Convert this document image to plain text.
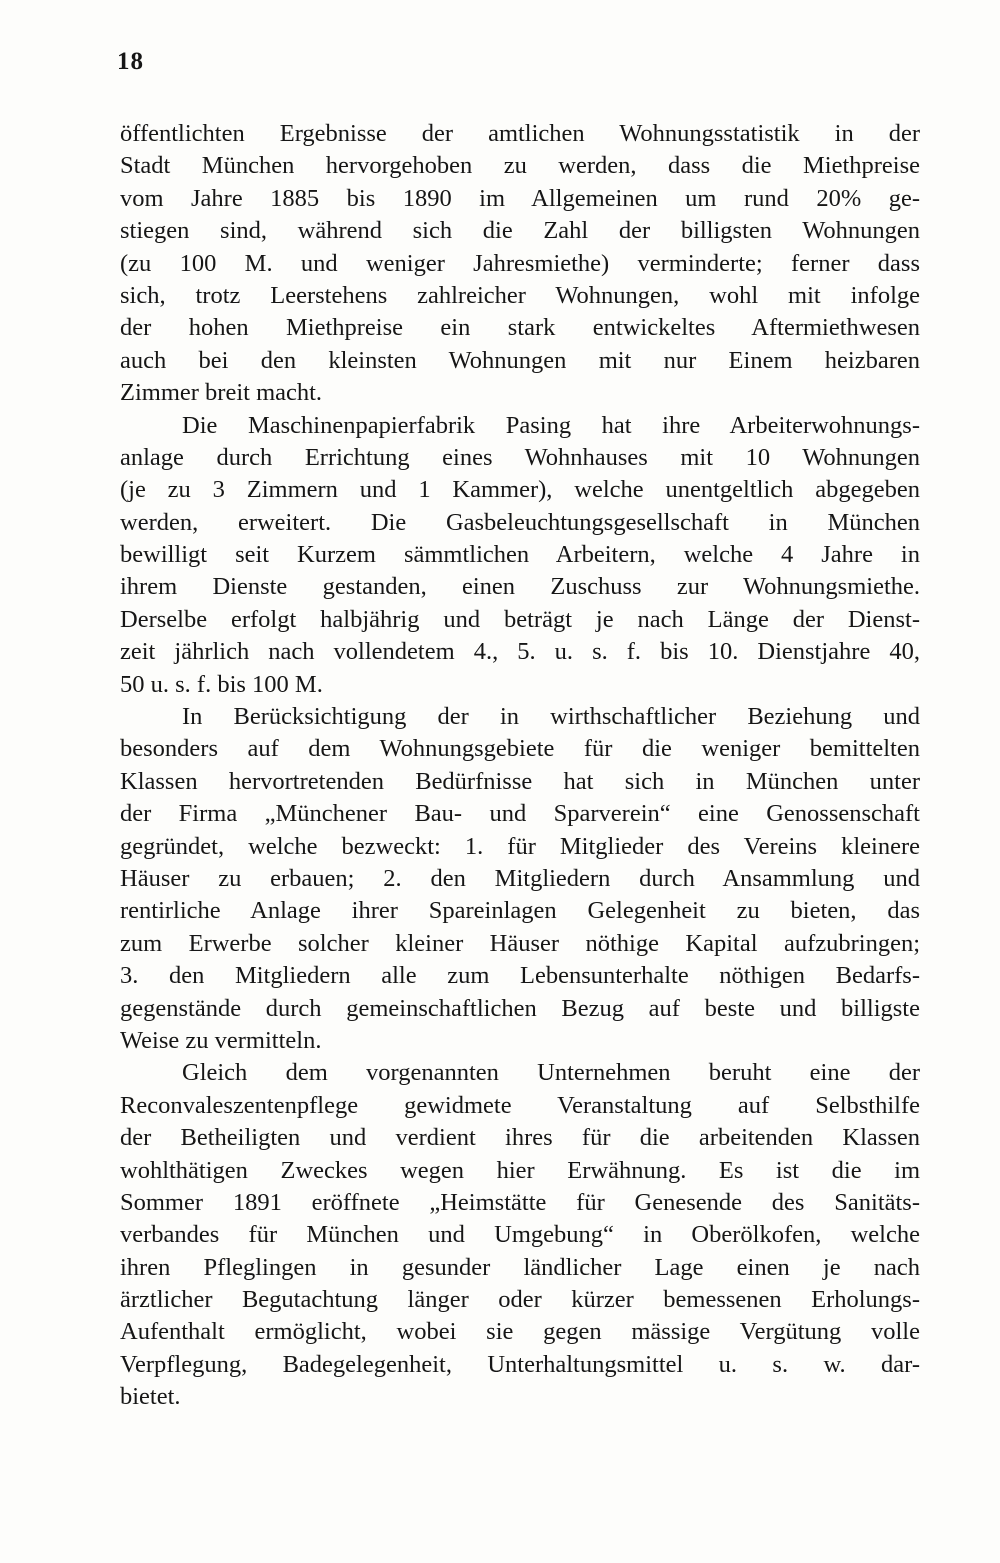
18
öffentlichten Ergebnisse der amtlichen Wohnungsstatistik in der
Stadt München hervorgehoben zu werden, dass die Miethpreise
vom Jahre 1885 bis 1890 im Allgemeinen um rund 20% ge-
stiegen sind, während sich die Zahl der billigsten Wohnungen
(zu 100 M. und weniger Jahresmiethe) verminderte; ferner dass
sich, trotz Leerstehens zahlreicher Wohnungen, wohl mit infolge
der hohen Miethpreise ein stark entwickeltes Aftermiethwesen
auch bei den kleinsten Wohnungen mit nur Einem heizbaren
Zimmer breit macht.
Die Maschinenpapierfabrik Pasing hat ihre Arbeiterwohnungs-
anlage durch Errichtung eines Wohnhauses mit 10 Wohnungen
(je zu 3 Zimmern und 1 Kammer), welche unentgeltlich abgegeben
werden, erweitert. Die Gasbeleuchtungsgesellschaft in München
bewilligt seit Kurzem sämmtlichen Arbeitern, welche 4 Jahre in
ihrem Dienste gestanden, einen Zuschuss zur Wohnungsmiethe.
Derselbe erfolgt halbjährig und beträgt je nach Länge der Dienst-
zeit jährlich nach vollendetem 4., 5. u. s. f. bis 10. Dienstjahre 40,
50 u. s. f. bis 100 M.
In Berücksichtigung der in wirthschaftlicher Beziehung und
besonders auf dem Wohnungsgebiete für die weniger bemittelten
Klassen hervortretenden Bedürfnisse hat sich in München unter
der Firma „Münchener Bau- und Sparverein“ eine Genossenschaft
gegründet, welche bezweckt: 1. für Mitglieder des Vereins kleinere
Häuser zu erbauen; 2. den Mitgliedern durch Ansammlung und
rentirliche Anlage ihrer Spareinlagen Gelegenheit zu bieten, das
zum Erwerbe solcher kleiner Häuser nöthige Kapital aufzubringen;
3. den Mitgliedern alle zum Lebensunterhalte nöthigen Bedarfs-
gegenstände durch gemeinschaftlichen Bezug auf beste und billigste
Weise zu vermitteln.
Gleich dem vorgenannten Unternehmen beruht eine der
Reconvaleszentenpflege gewidmete Veranstaltung auf Selbsthilfe
der Betheiligten und verdient ihres für die arbeitenden Klassen
wohlthätigen Zweckes wegen hier Erwähnung. Es ist die im
Sommer 1891 eröffnete „Heimstätte für Genesende des Sanitäts-
verbandes für München und Umgebung“ in Oberölkofen, welche
ihren Pfleglingen in gesunder ländlicher Lage einen je nach
ärztlicher Begutachtung länger oder kürzer bemessenen Erholungs-
Aufenthalt ermöglicht, wobei sie gegen mässige Vergütung volle
Verpflegung, Badegelegenheit, Unterhaltungsmittel u. s. w. dar-
bietet.
